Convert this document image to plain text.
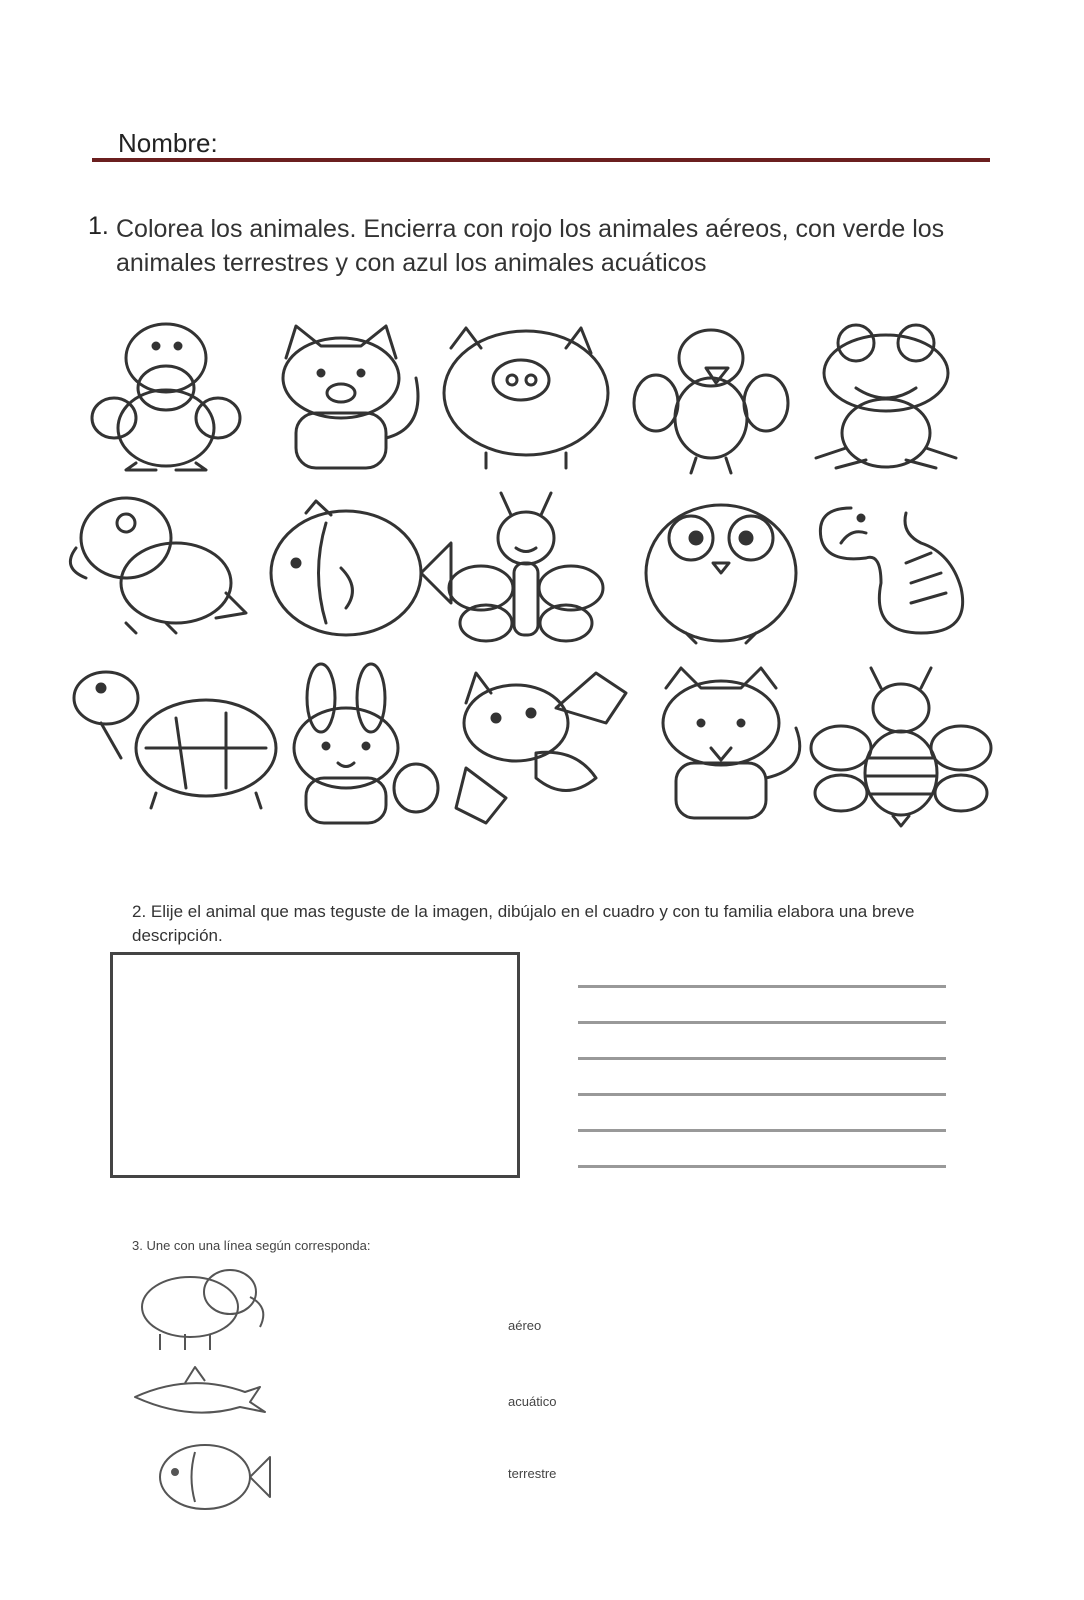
Nombre:
1. Colorea los animales. Encierra con rojo los animales aéreos, con verde los animales terrestres y con azul los animales acuáticos
2. Elije el animal que mas teguste de la imagen, dibújalo en el cuadro y con tu familia elabora una breve descripción.
3. Une con una línea según corresponda:
aéreo
acuático
terrestre
